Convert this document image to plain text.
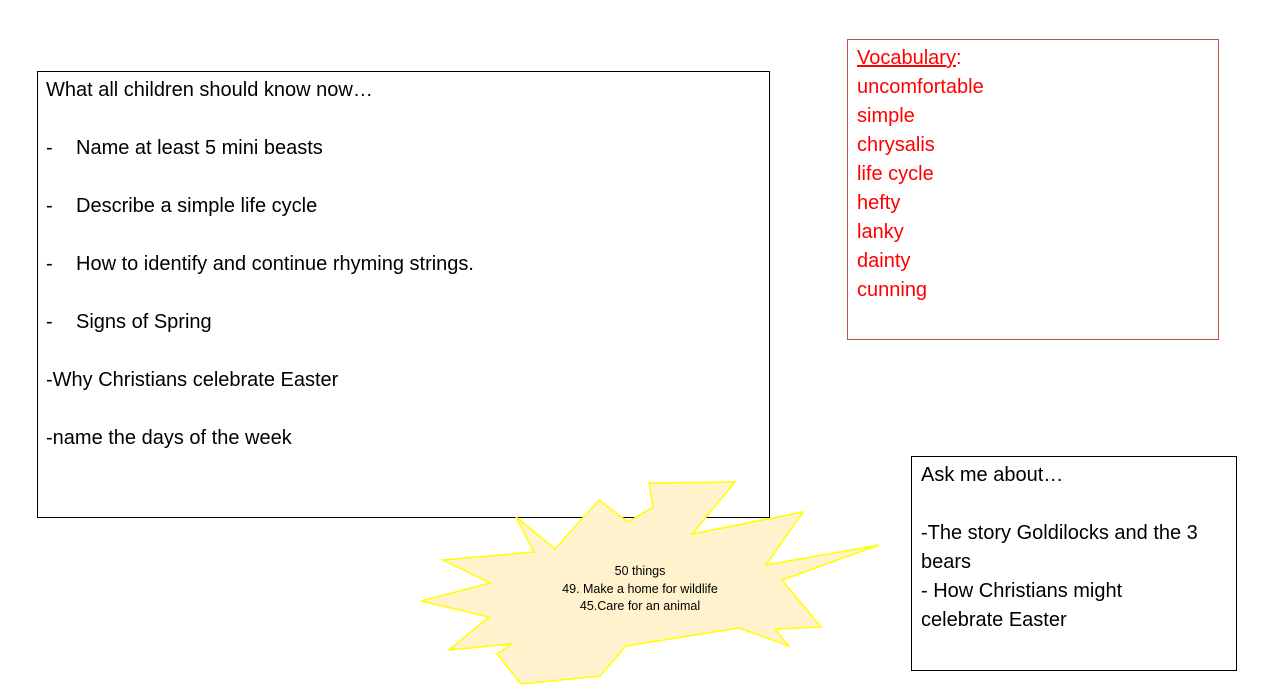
What all children should know now…

-	Name at least 5 mini beasts

-	Describe a simple life cycle

-	How to identify and continue rhyming strings.

-	Signs of Spring

-Why Christians celebrate Easter

-name the days of the week

Vocabulary:
uncomfortable
simple
chrysalis
life cycle
hefty
lanky
dainty
cunning
Ask me about…
-The story Goldilocks and the 3
bears
- How Christians might
celebrate Easter
50 things
49. Make a home for wildlife
45.Care for an animal
